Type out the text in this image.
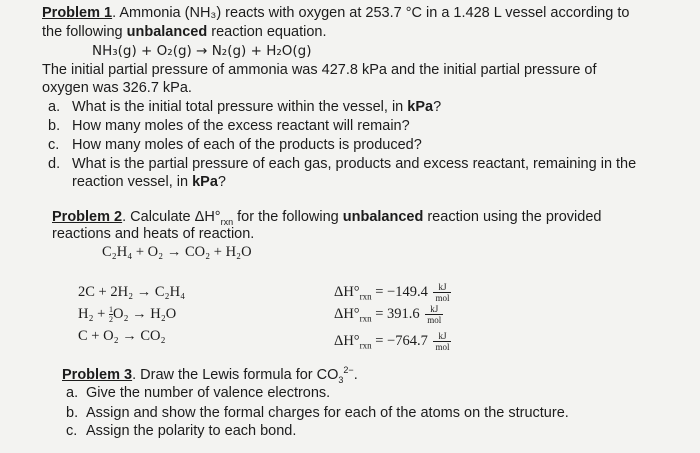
Problem 1. Ammonia (NH₃) reacts with oxygen at 253.7 °C in a 1.428 L vessel according to
the following unbalanced reaction equation.
NH₃(g) + O₂(g) → N₂(g) + H₂O(g)
The initial partial pressure of ammonia was 427.8 kPa and the initial partial pressure of
oxygen was 326.7 kPa.
a. What is the initial total pressure within the vessel, in kPa?
b. How many moles of the excess reactant will remain?
c. How many moles of each of the products is produced?
d. What is the partial pressure of each gas, products and excess reactant, remaining in the
reaction vessel, in kPa?
Problem 2. Calculate $\Delta H^\circ_{rxn}$ for the following unbalanced reaction using the provided
reactions and heats of reaction.
C₂H₄ + O₂ → CO₂ + H₂O
2C + 2H₂ → C₂H₄
$H_2 + \frac{1}{2} O_2 \to H_2O$
C + O₂ → CO₂
$\Delta H^\circ_{rxn} = -149.4 \frac{kJ}{\text{mol}}$
$\Delta H^\circ_{rxn} = 391.6 \frac{kJ}{\text{mol}}$
$\Delta H^\circ_{rxn} = -764.7 \frac{kJ}{\text{mol}}$
Problem 3. Draw the Lewis formula for $CO_3^{2-}$.
a. Give the number of valence electrons.
b. Assign and show the formal charges for each of the atoms on the structure.
c. Assign the polarity to each bond.
